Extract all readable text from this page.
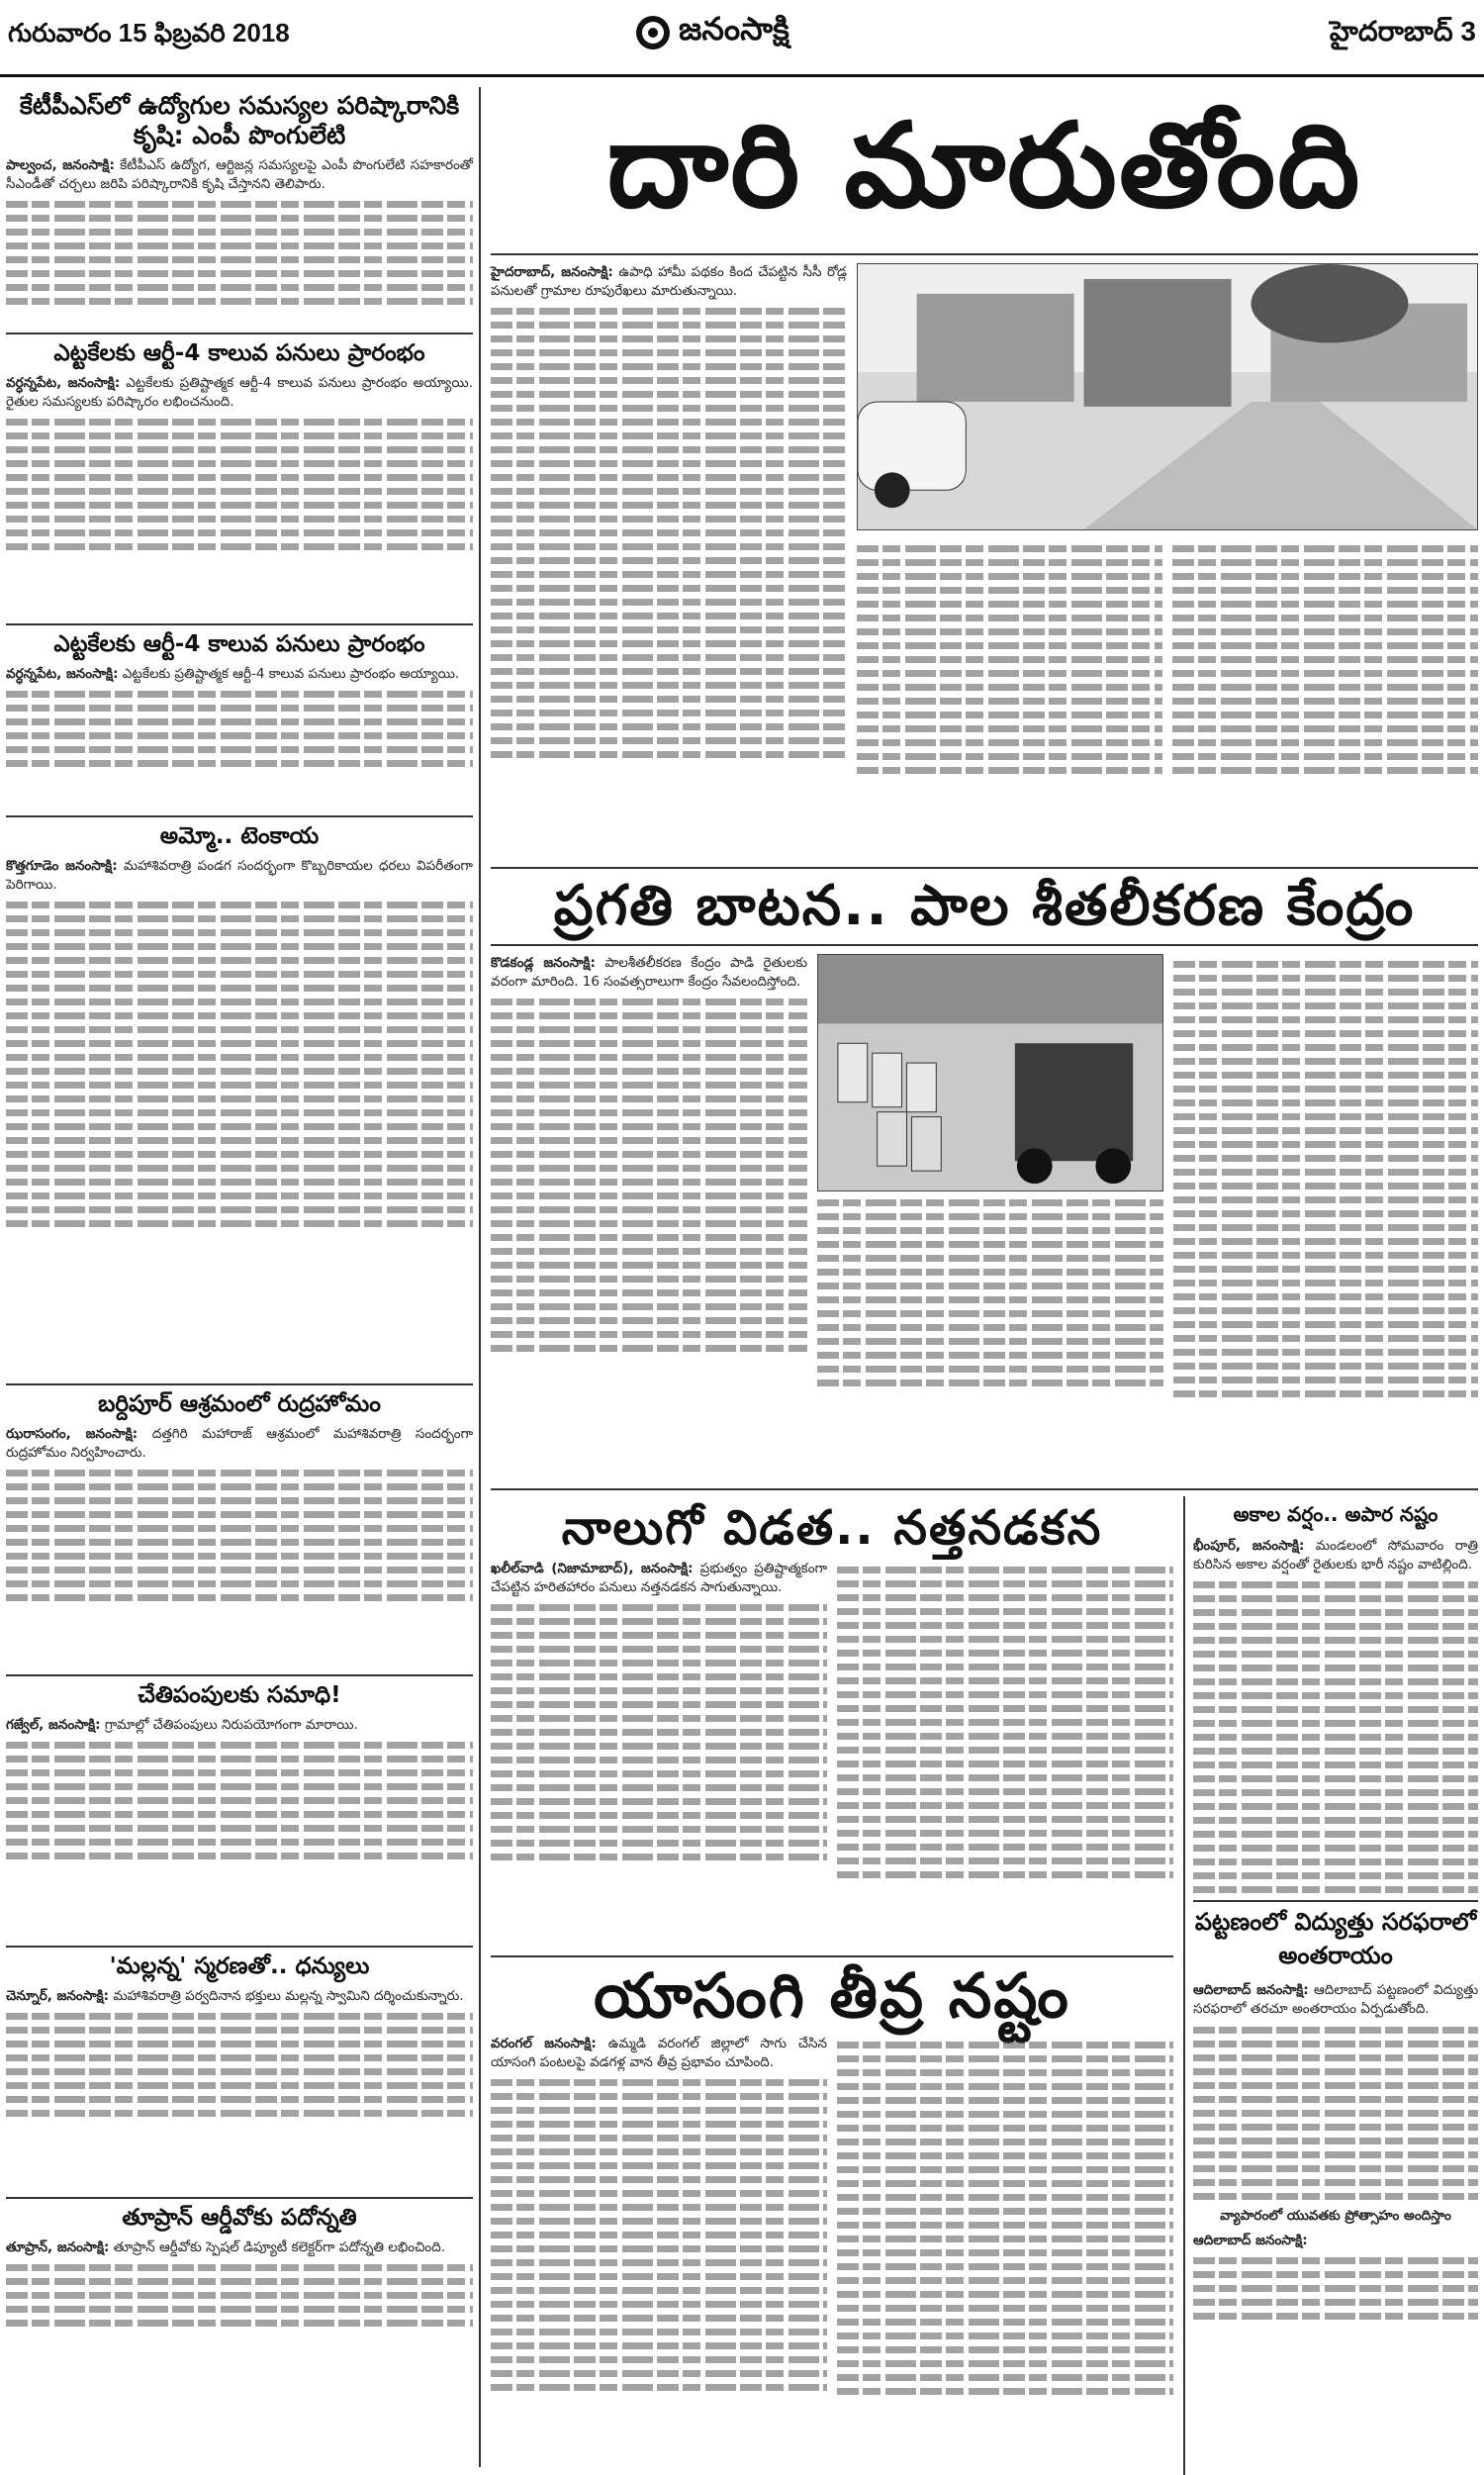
గురువారం 15 ఫిబ్రవరి 2018	జనంసాక్షి	హైదరాబాద్ 3
కేటీపీఎస్‌లో ఉద్యోగుల సమస్యల పరిష్కారానికి కృషి: ఎంపీ పొంగులేటి
పాల్వంచ, జనంసాక్షి: కేటీపీఎస్ ఉద్యోగ, ఆర్టిజన్ల సమస్యలపై ఎంపీ పొంగులేటి సహకారంతో సీఎండీతో చర్చలు జరిపి పరిష్కారానికి కృషి చేస్తానని తెలిపారు.
ఎట్టకేలకు ఆర్టీ-4 కాలువ పనులు ప్రారంభం
వర్ధన్నపేట, జనంసాక్షి: ఎట్టకేలకు ప్రతిష్టాత్మక ఆర్టీ-4 కాలువ పనులు ప్రారంభం అయ్యాయి. రైతుల సమస్యలకు పరిష్కారం లభించనుంది.
ఎట్టకేలకు ఆర్టీ-4 కాలువ పనులు ప్రారంభం
వర్ధన్నపేట, జనంసాక్షి: ఎట్టకేలకు ప్రతిష్టాత్మక ఆర్టీ-4 కాలువ పనులు ప్రారంభం అయ్యాయి.
అమ్మో.. టెంకాయ
కొత్తగూడెం జనంసాక్షి: మహాశివరాత్రి పండగ సందర్భంగా కొబ్బరికాయల ధరలు విపరీతంగా పెరిగాయి.
బర్దిపూర్ ఆశ్రమంలో రుద్రహోమం
ఝరాసంగం, జనంసాక్షి: దత్తగిరి మహారాజ్ ఆశ్రమంలో మహాశివరాత్రి సందర్భంగా రుద్రహోమం నిర్వహించారు.
చేతిపంపులకు సమాధి!
గజ్వేల్, జనంసాక్షి: గ్రామాల్లో చేతిపంపులు నిరుపయోగంగా మారాయి.
'మల్లన్న' స్మరణతో.. ధన్యులు
చెన్నూర్, జనంసాక్షి: మహాశివరాత్రి పర్వదినాన భక్తులు మల్లన్న స్వామిని దర్శించుకున్నారు.
తూప్రాన్ ఆర్డీవోకు పదోన్నతి
తూప్రాన్, జనంసాక్షి: తూప్రాన్ ఆర్డీవోకు స్పెషల్ డిప్యూటీ కలెక్టర్‌గా పదోన్నతి లభించింది.
దారి మారుతోంది
హైదరాబాద్, జనంసాక్షి: ఉపాధి హామీ పథకం కింద చేపట్టిన సీసీ రోడ్ల పనులతో గ్రామాల రూపురేఖలు మారుతున్నాయి.
ప్రగతి బాటన.. పాల శీతలీకరణ కేంద్రం
కొడకండ్ల జనంసాక్షి: పాలశీతలీకరణ కేంద్రం పాడి రైతులకు వరంగా మారింది. 16 సంవత్సరాలుగా కేంద్రం సేవలందిస్తోంది.
నాలుగో విడత.. నత్తనడకన
ఖలీల్‌వాడి (నిజామాబాద్), జనంసాక్షి: ప్రభుత్వం ప్రతిష్టాత్మకంగా చేపట్టిన హరితహారం పనులు నత్తనడకన సాగుతున్నాయి.
యాసంగి తీవ్ర నష్టం
వరంగల్ జనంసాక్షి: ఉమ్మడి వరంగల్ జిల్లాలో సాగు చేసిన యాసంగి పంటలపై వడగళ్ల వాన తీవ్ర ప్రభావం చూపింది.
అకాల వర్షం.. అపార నష్టం
భీంపూర్, జనంసాక్షి: మండలంలో సోమవారం రాత్రి కురిసిన అకాల వర్షంతో రైతులకు భారీ నష్టం వాటిల్లింది.
పట్టణంలో విద్యుత్తు సరఫరాలో అంతరాయం
ఆదిలాబాద్ జనంసాక్షి: ఆదిలాబాద్ పట్టణంలో విద్యుత్తు సరఫరాలో తరచూ అంతరాయం ఏర్పడుతోంది.
వ్యాపారంలో యువతకు ప్రోత్సాహం అందిస్తాం
ఆదిలాబాద్ జనంసాక్షి:
